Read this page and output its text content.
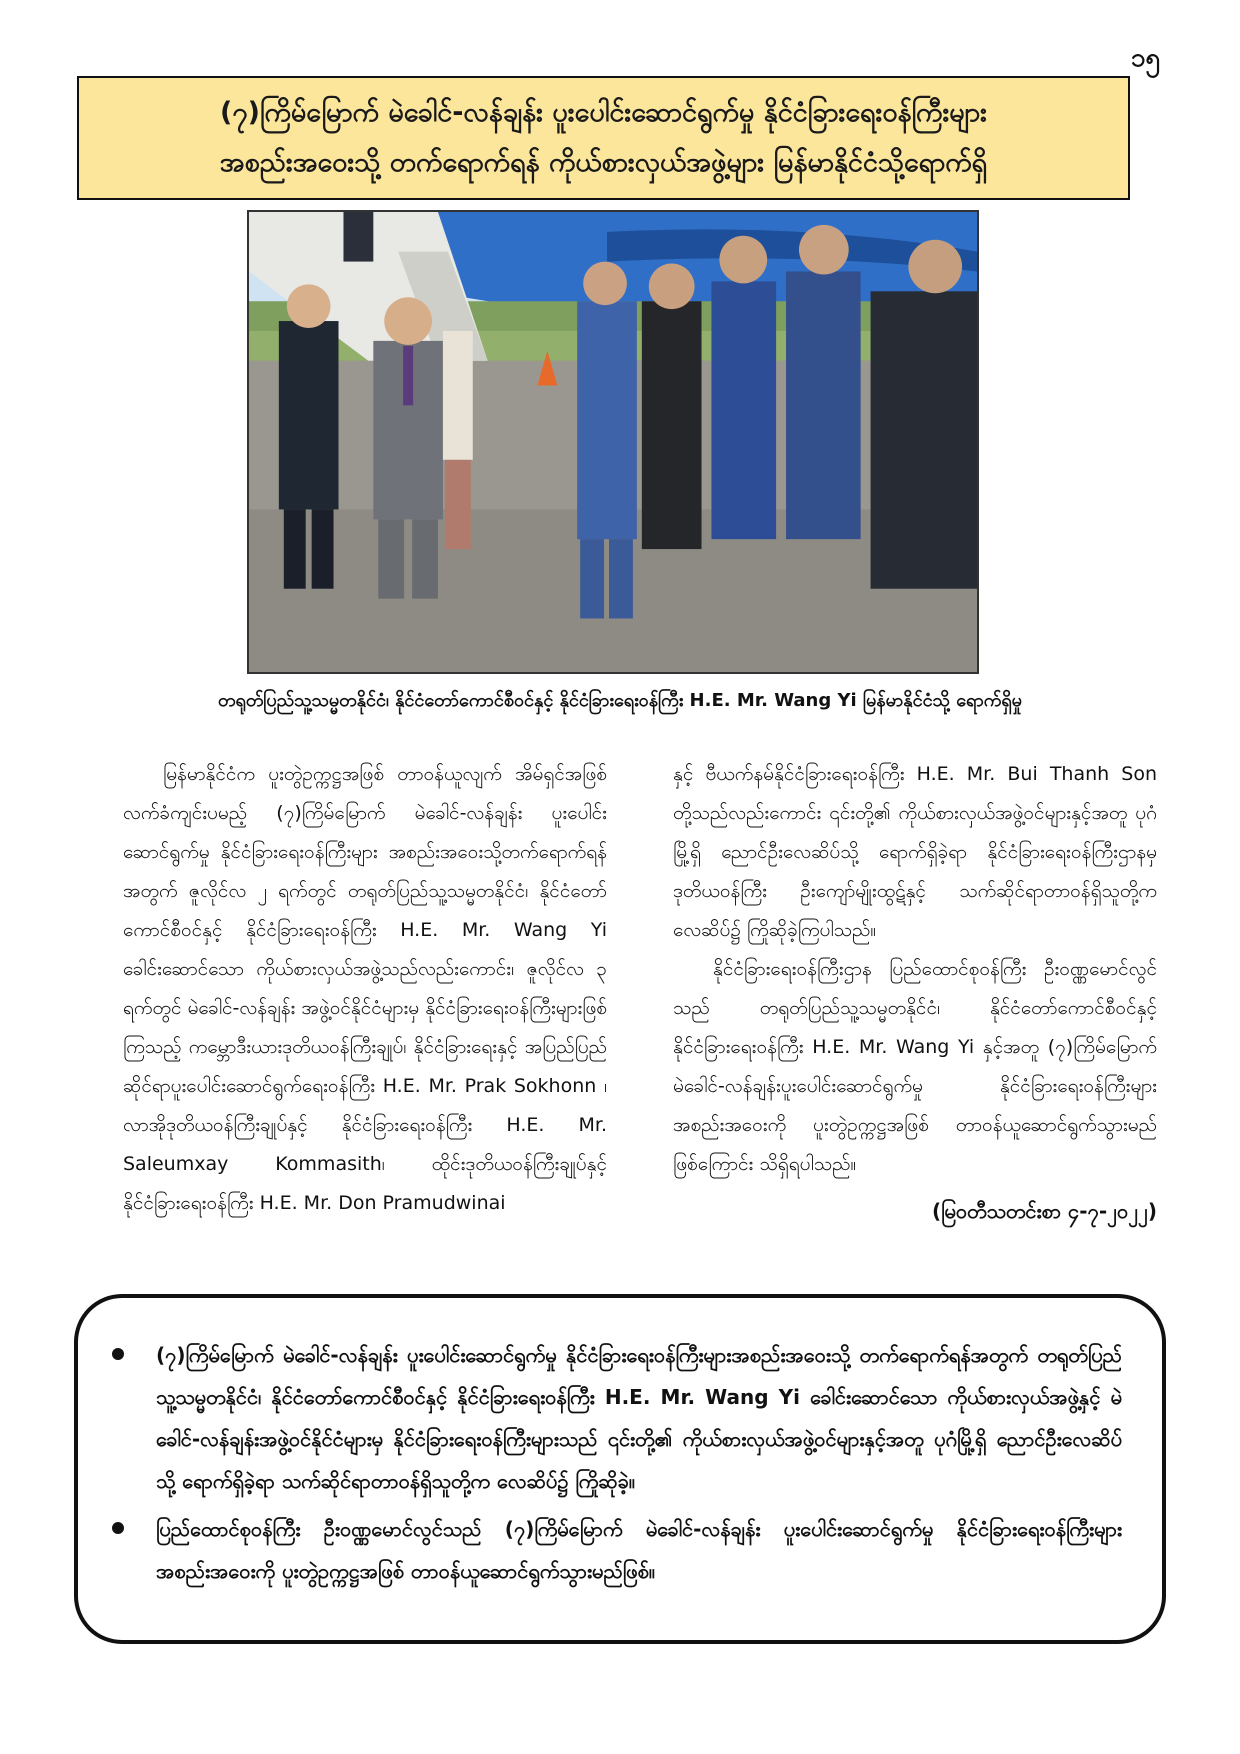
၁၅
(၇)ကြိမ်မြောက် မဲခေါင်-လန်ချန်း ပူးပေါင်းဆောင်ရွက်မှု နိုင်ငံခြားရေးဝန်ကြီးများ
အစည်းအဝေးသို့ တက်ရောက်ရန် ကိုယ်စားလှယ်အဖွဲ့များ မြန်မာနိုင်ငံသို့ရောက်ရှိ
တရုတ်ပြည်သူ့သမ္မတနိုင်ငံ၊ နိုင်ငံတော်ကောင်စီဝင်နှင့် နိုင်ငံခြားရေးဝန်ကြီး H.E. Mr. Wang Yi မြန်မာနိုင်ငံသို့ ရောက်ရှိမှု

မြန်မာနိုင်ငံက ပူးတွဲဥက္ကဋ္ဌအဖြစ် တာဝန်ယူလျက် အိမ်ရှင်အဖြစ် လက်ခံကျင်းပမည့် (၇)ကြိမ်မြောက် မဲခေါင်-လန်ချန်း ပူးပေါင်းဆောင်ရွက်မှု နိုင်ငံခြားရေးဝန်ကြီးများ အစည်းအဝေးသို့တက်ရောက်ရန်အတွက် ဇူလိုင်လ ၂ ရက်တွင် တရုတ်ပြည်သူ့သမ္မတနိုင်ငံ၊ နိုင်ငံတော်ကောင်စီဝင်နှင့် နိုင်ငံခြားရေးဝန်ကြီး H.E. Mr. Wang Yi ခေါင်းဆောင်သော ကိုယ်စားလှယ်အဖွဲ့သည်လည်းကောင်း၊ ဇူလိုင်လ ၃ ရက်တွင် မဲခေါင်-လန်ချန်း အဖွဲ့ဝင်နိုင်ငံများမှ နိုင်ငံခြားရေးဝန်ကြီးများဖြစ်ကြသည့် ကမ္ဘောဒီးယားဒုတိယဝန်ကြီးချုပ်၊ နိုင်ငံခြားရေးနှင့် အပြည်ပြည်ဆိုင်ရာပူးပေါင်းဆောင်ရွက်ရေးဝန်ကြီး H.E. Mr. Prak Sokhonn ၊ လာအိုဒုတိယဝန်ကြီးချုပ်နှင့် နိုင်ငံခြားရေးဝန်ကြီး H.E. Mr. Saleumxay Kommasith၊ ထိုင်းဒုတိယဝန်ကြီးချုပ်နှင့် နိုင်ငံခြားရေးဝန်ကြီး H.E. Mr. Don Pramudwinai

နှင့် ဗီယက်နမ်နိုင်ငံခြားရေးဝန်ကြီး H.E. Mr. Bui Thanh Son တို့သည်လည်းကောင်း ၎င်းတို့၏ ကိုယ်စားလှယ်အဖွဲ့ဝင်များနှင့်အတူ ပုဂံမြို့ရှိ ညောင်ဦးလေဆိပ်သို့ ရောက်ရှိခဲ့ရာ နိုင်ငံခြားရေးဝန်ကြီးဌာနမှ ဒုတိယဝန်ကြီး ဦးကျော်မျိုးထွဋ်နှင့် သက်ဆိုင်ရာတာဝန်ရှိသူတို့က လေဆိပ်၌ ကြိုဆိုခဲ့ကြပါသည်။

နိုင်ငံခြားရေးဝန်ကြီးဌာန ပြည်ထောင်စုဝန်ကြီး ဦးဝဏ္ဏမောင်လွင်သည် တရုတ်ပြည်သူ့သမ္မတနိုင်ငံ၊ နိုင်ငံတော်ကောင်စီဝင်နှင့် နိုင်ငံခြားရေးဝန်ကြီး H.E. Mr. Wang Yi နှင့်အတူ (၇)ကြိမ်မြောက် မဲခေါင်-လန်ချန်းပူးပေါင်းဆောင်ရွက်မှု နိုင်ငံခြားရေးဝန်ကြီးများအစည်းအဝေးကို ပူးတွဲဥက္ကဋ္ဌအဖြစ် တာဝန်ယူဆောင်ရွက်သွားမည်ဖြစ်ကြောင်း သိရှိရပါသည်။

(မြဝတီသတင်းစာ ၄-၇-၂၀၂၂)
(၇)ကြိမ်မြောက် မဲခေါင်-လန်ချန်း ပူးပေါင်းဆောင်ရွက်မှု နိုင်ငံခြားရေးဝန်ကြီးများအစည်းအဝေးသို့ တက်ရောက်ရန်အတွက် တရုတ်ပြည်သူ့သမ္မတနိုင်ငံ၊ နိုင်ငံတော်ကောင်စီဝင်နှင့် နိုင်ငံခြားရေးဝန်ကြီး H.E. Mr. Wang Yi ခေါင်းဆောင်သော ကိုယ်စားလှယ်အဖွဲ့နှင့် မဲခေါင်-လန်ချန်းအဖွဲ့ဝင်နိုင်ငံများမှ နိုင်ငံခြားရေးဝန်ကြီးများသည် ၎င်းတို့၏ ကိုယ်စားလှယ်အဖွဲ့ဝင်များနှင့်အတူ ပုဂံမြို့ရှိ ညောင်ဦးလေဆိပ်သို့ ရောက်ရှိခဲ့ရာ သက်ဆိုင်ရာတာဝန်ရှိသူတို့က လေဆိပ်၌ ကြိုဆိုခဲ့။
ပြည်ထောင်စုဝန်ကြီး ဦးဝဏ္ဏမောင်လွင်သည် (၇)ကြိမ်မြောက် မဲခေါင်-လန်ချန်း ပူးပေါင်းဆောင်ရွက်မှု နိုင်ငံခြားရေးဝန်ကြီးများ အစည်းအဝေးကို ပူးတွဲဥက္ကဋ္ဌအဖြစ် တာဝန်ယူဆောင်ရွက်သွားမည်ဖြစ်။
